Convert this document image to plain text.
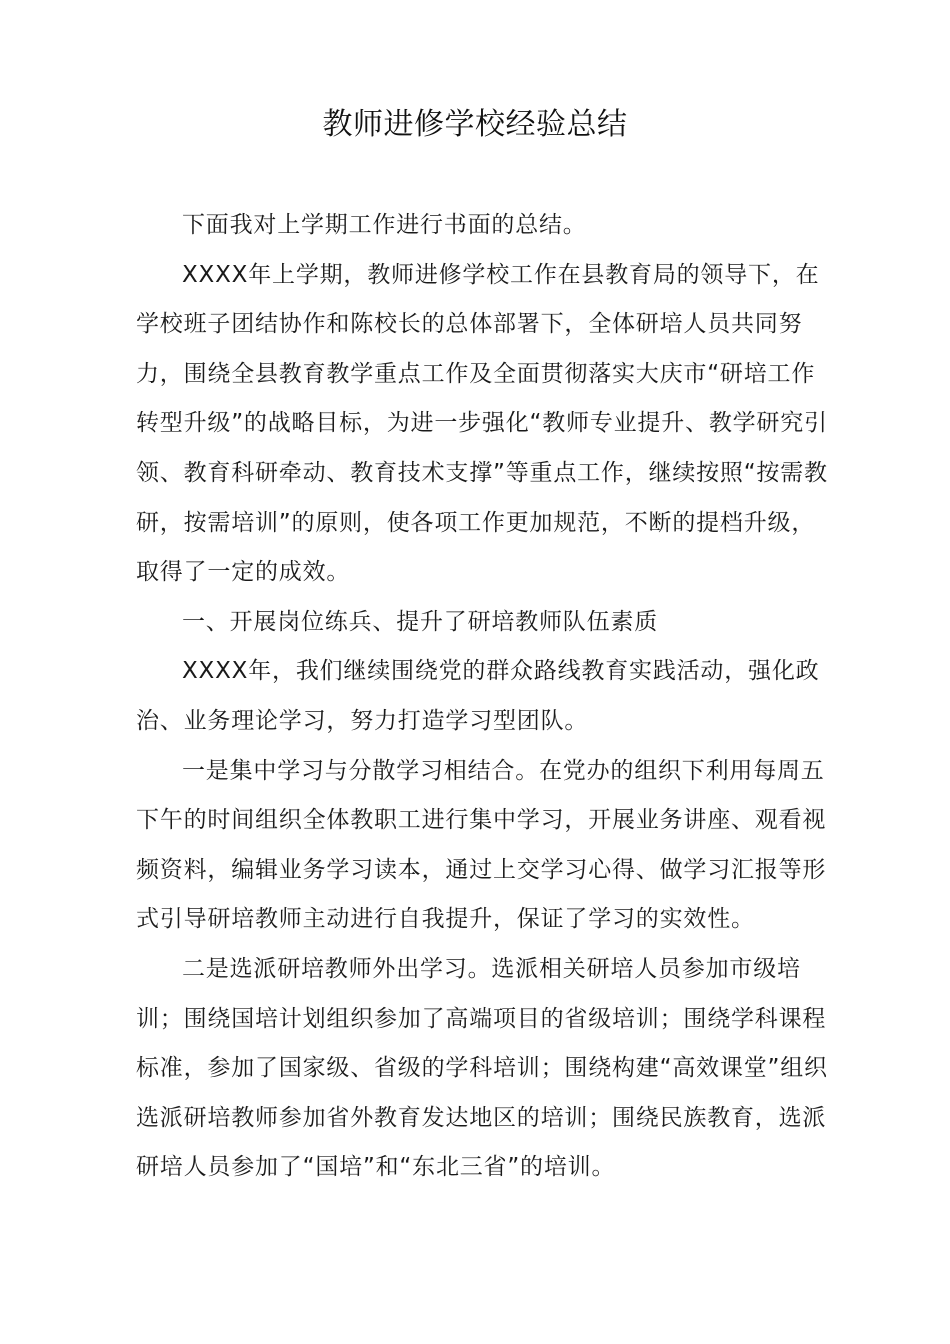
教师进修学校经验总结

下面我对上学期工作进行书面的总结。

XXXX年上学期，教师进修学校工作在县教育局的领导下，在学校班子团结协作和陈校长的总体部署下，全体研培人员共同努力，围绕全县教育教学重点工作及全面贯彻落实大庆市“研培工作转型升级”的战略目标，为进一步强化“教师专业提升、教学研究引领、教育科研牵动、教育技术支撑”等重点工作，继续按照“按需教研，按需培训”的原则，使各项工作更加规范，不断的提档升级，取得了一定的成效。

一、开展岗位练兵、提升了研培教师队伍素质

XXXX年，我们继续围绕党的群众路线教育实践活动，强化政治、业务理论学习，努力打造学习型团队。

一是集中学习与分散学习相结合。在党办的组织下利用每周五下午的时间组织全体教职工进行集中学习，开展业务讲座、观看视频资料，编辑业务学习读本，通过上交学习心得、做学习汇报等形式引导研培教师主动进行自我提升，保证了学习的实效性。

二是选派研培教师外出学习。选派相关研培人员参加市级培训；围绕国培计划组织参加了高端项目的省级培训；围绕学科课程标准，参加了国家级、省级的学科培训；围绕构建“高效课堂”组织选派研培教师参加省外教育发达地区的培训；围绕民族教育，选派研培人员参加了“国培”和“东北三省”的培训。
